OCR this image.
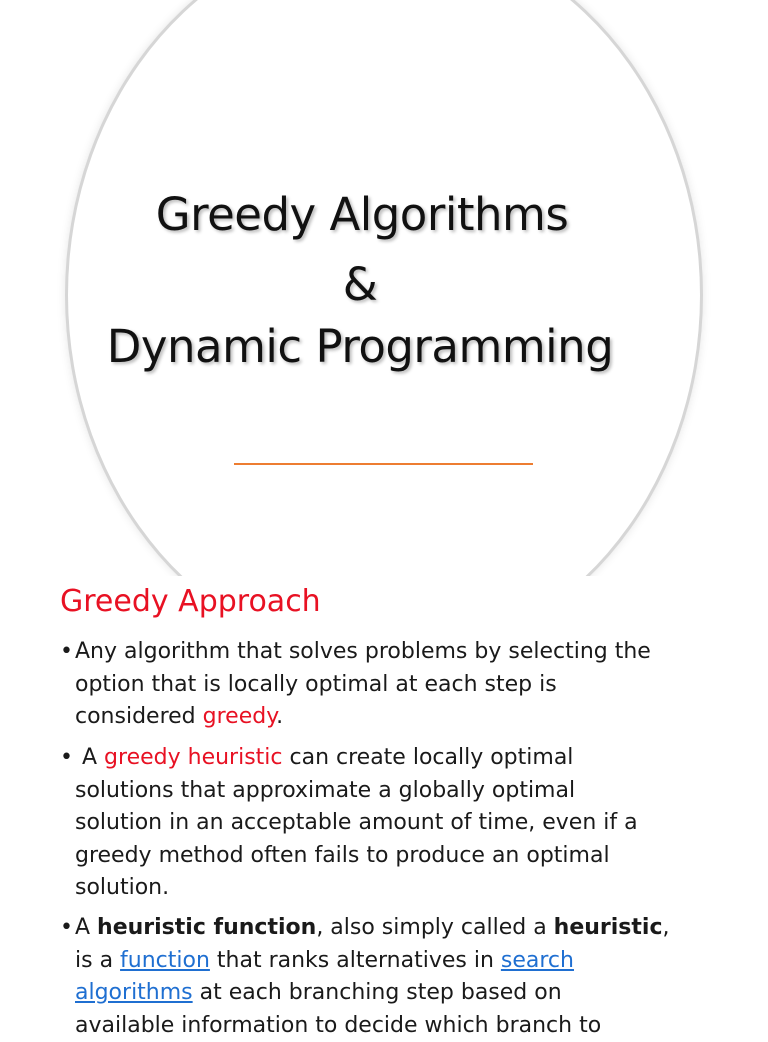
Greedy Algorithms
&
Dynamic Programming
Greedy Approach
• Any algorithm that solves problems by selecting the
option that is locally optimal at each step is
considered greedy.
• A greedy heuristic can create locally optimal
solutions that approximate a globally optimal
solution in an acceptable amount of time, even if a
greedy method often fails to produce an optimal
solution.
• A heuristic function, also simply called a heuristic,
is a function that ranks alternatives in search
algorithms at each branching step based on
available information to decide which branch to
